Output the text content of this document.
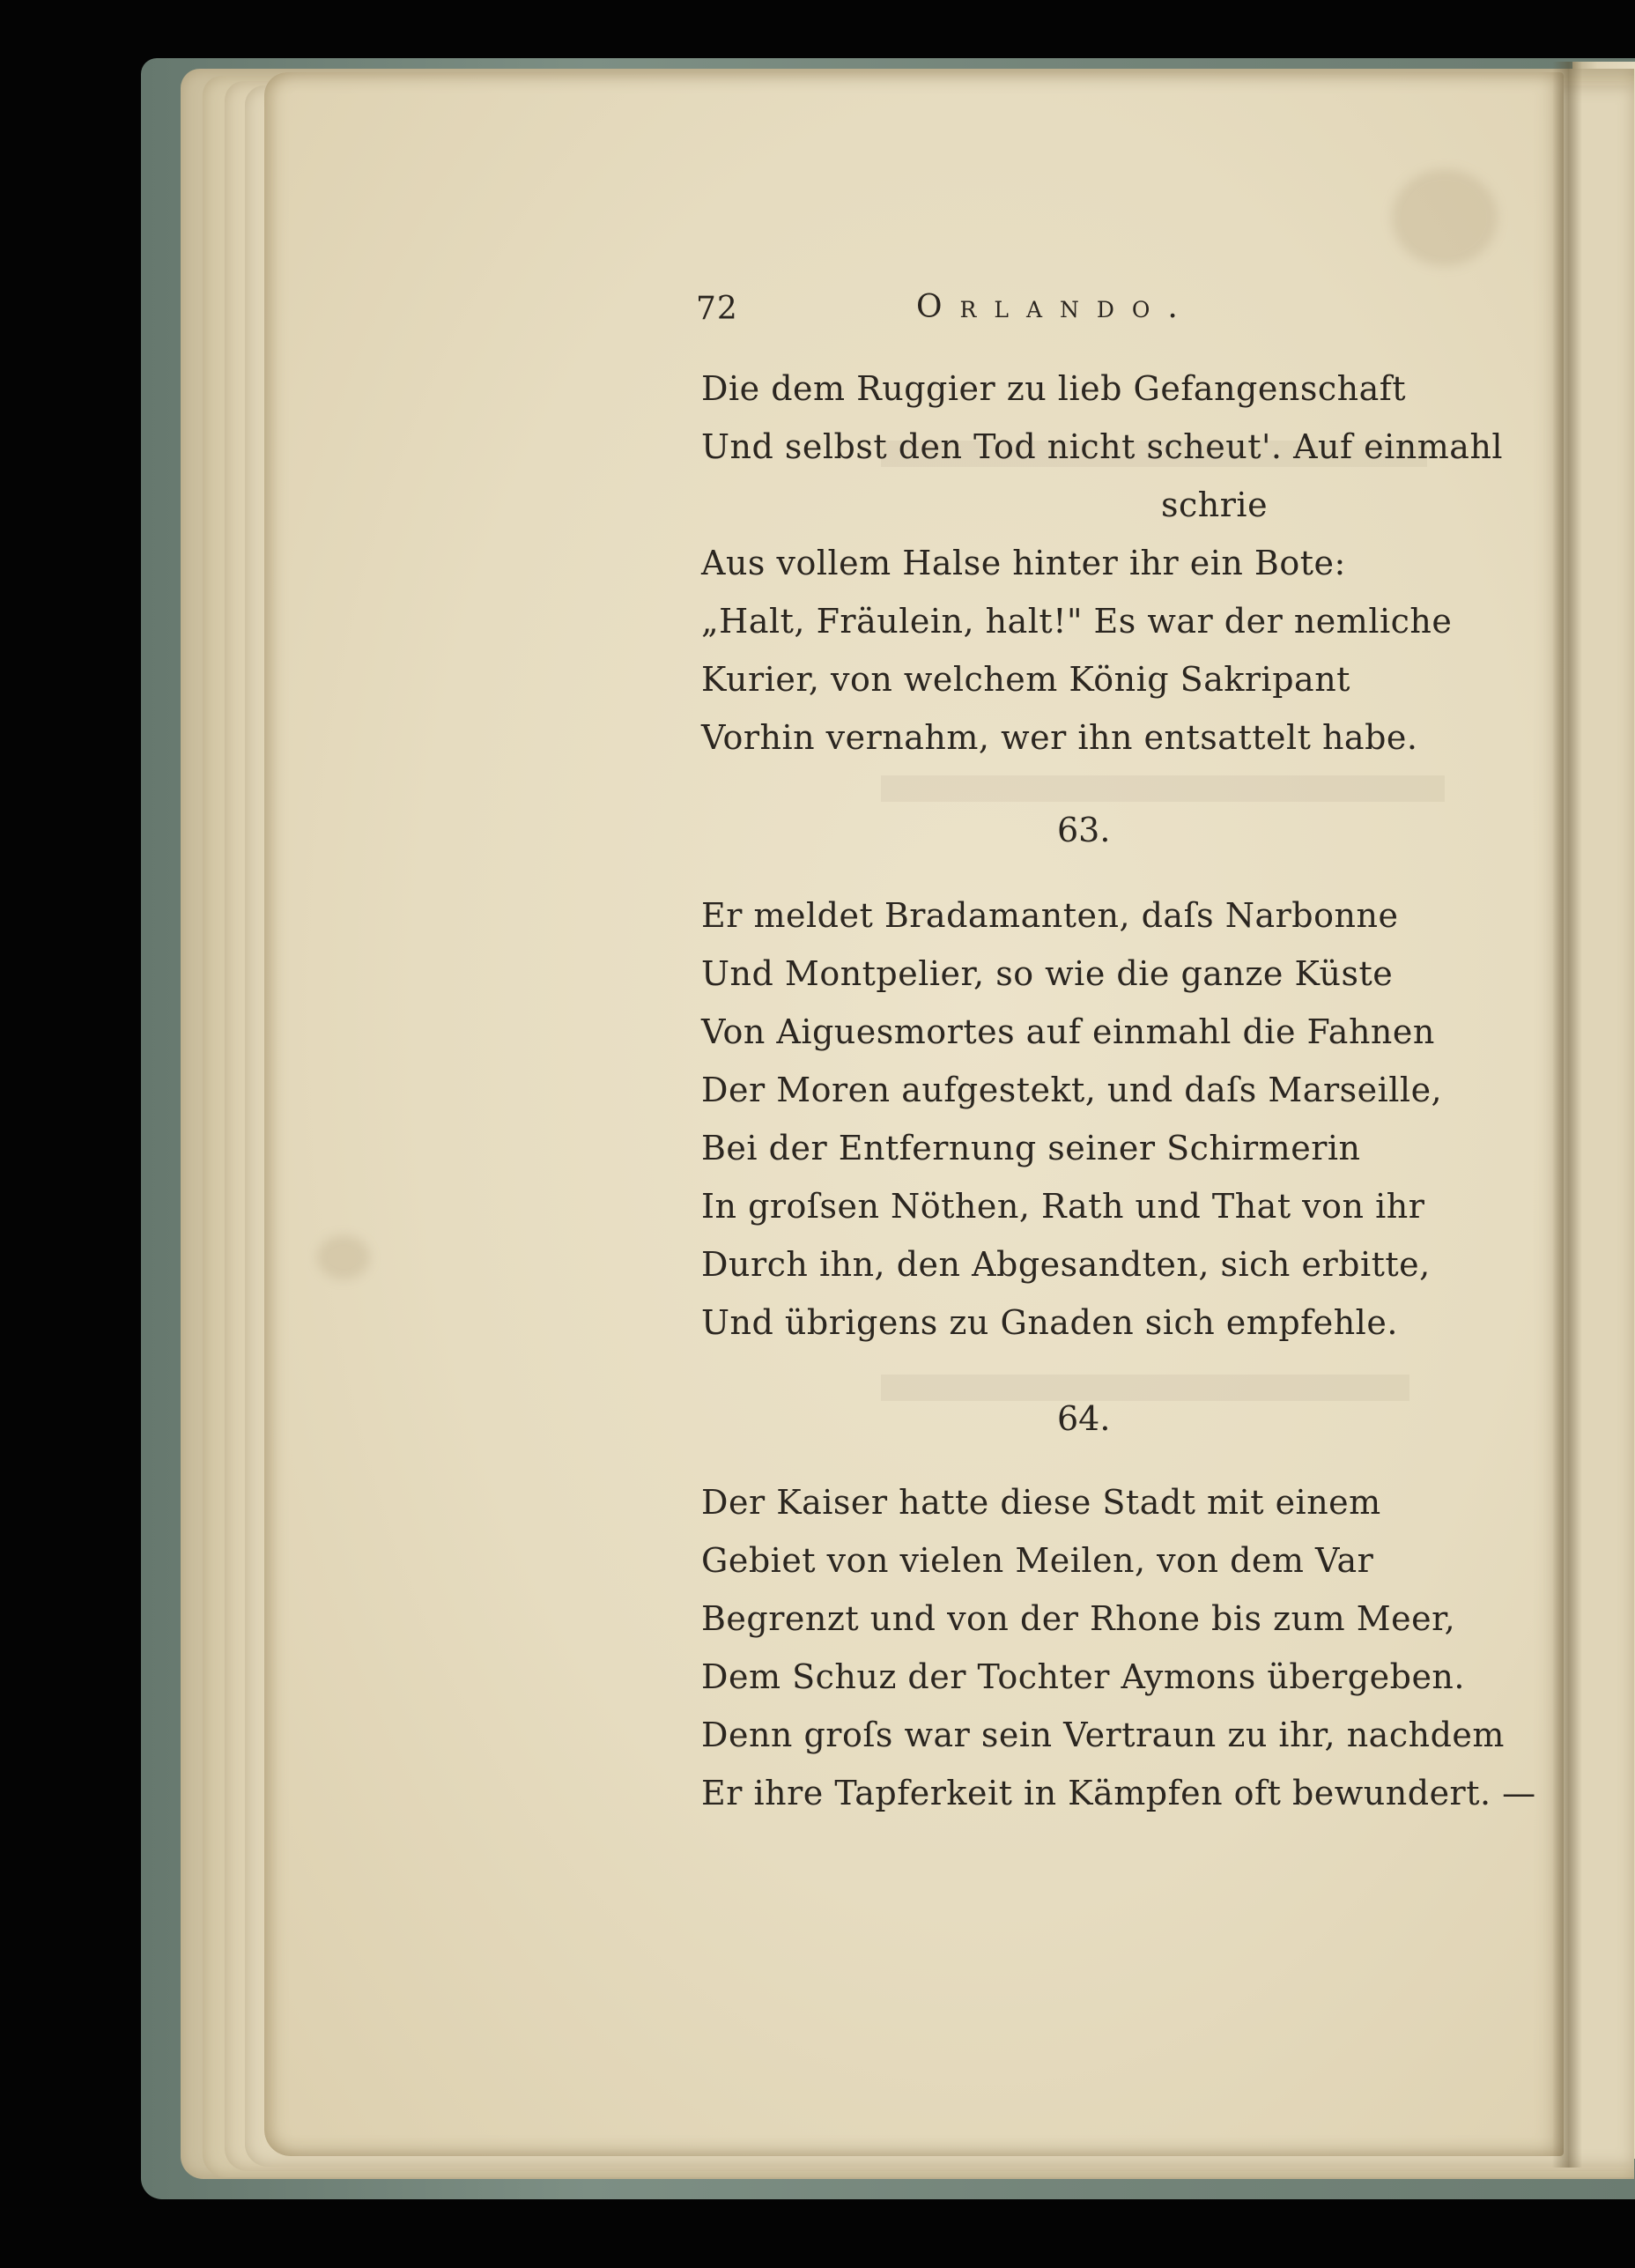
72	Orlando.
Die dem Ruggier zu lieb Gefangenschaft
Und selbst den Tod nicht scheut'. Auf einmahl
schrie
Aus vollem Halse hinter ihr ein Bote:
„Halt, Fräulein, halt!" Es war der nemliche
Kurier, von welchem König Sakripant
Vorhin vernahm, wer ihn entsattelt habe.
63.
Er meldet Bradamanten, daſs Narbonne
Und Montpelier, so wie die ganze Küste
Von Aiguesmortes auf einmahl die Fahnen
Der Moren aufgestekt, und daſs Marseille,
Bei der Entfernung seiner Schirmerin
In groſsen Nöthen, Rath und That von ihr
Durch ihn, den Abgesandten, sich erbitte,
Und übrigens zu Gnaden sich empfehle.
64.
Der Kaiser hatte diese Stadt mit einem
Gebiet von vielen Meilen, von dem Var
Begrenzt und von der Rhone bis zum Meer,
Dem Schuz der Tochter Aymons übergeben.
Denn groſs war sein Vertraun zu ihr, nachdem
Er ihre Tapferkeit in Kämpfen oft bewundert. —
